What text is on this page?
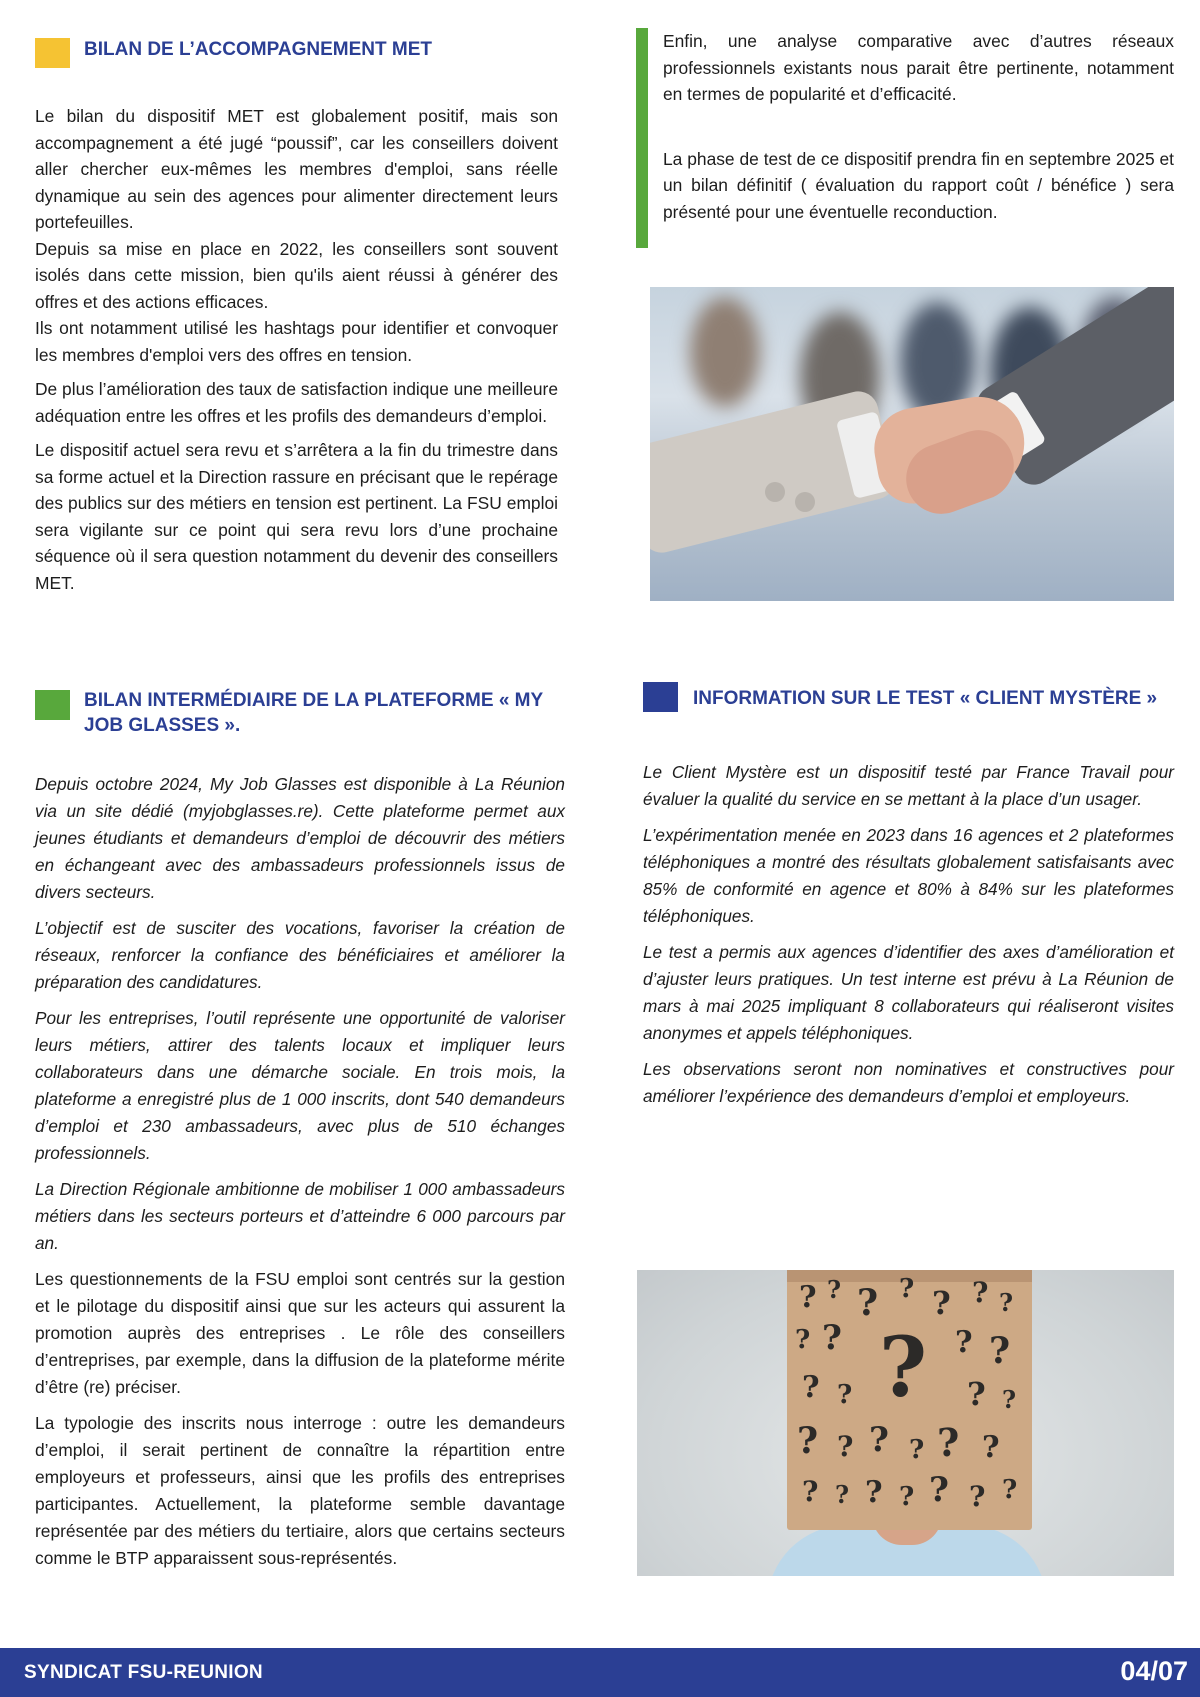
BILAN DE L’ACCOMPAGNEMENT MET

Le bilan du dispositif MET est globalement positif, mais son accompagnement a été jugé “poussif”, car les conseillers doivent aller chercher eux-mêmes les membres d'emploi, sans réelle dynamique au sein des agences pour alimenter directement leurs portefeuilles.

Depuis sa mise en place en 2022, les conseillers sont souvent isolés dans cette mission, bien qu'ils aient réussi à générer des offres et des actions efficaces.

Ils ont notamment utilisé les hashtags pour identifier et convoquer les membres d'emploi vers des offres en tension.

De plus l’amélioration des taux de satisfaction indique une meilleure adéquation entre les offres et les profils des demandeurs d’emploi.

Le dispositif actuel sera revu et s’arrêtera a la fin du trimestre dans sa forme actuel et la Direction rassure en précisant que le repérage des publics sur des métiers en tension est pertinent. La FSU emploi sera vigilante sur ce point qui sera revu lors d’une prochaine séquence où il sera question notamment du devenir des conseillers MET.

Enfin, une analyse comparative avec d’autres réseaux professionnels existants nous parait être pertinente, notamment en termes de popularité et d’efficacité.

La phase de test de ce dispositif prendra fin en septembre 2025 et un bilan définitif ( évaluation du rapport coût / bénéfice ) sera présenté pour une éventuelle reconduction.

BILAN INTERMÉDIAIRE DE LA PLATEFORME « MY JOB GLASSES ».

Depuis octobre 2024, My Job Glasses est disponible à La Réunion via un site dédié (myjobglasses.re). Cette plateforme permet aux jeunes étudiants et demandeurs d’emploi de découvrir des métiers en échangeant avec des ambassadeurs professionnels issus de divers secteurs.

L’objectif est de susciter des vocations, favoriser la création de réseaux, renforcer la confiance des bénéficiaires et améliorer la préparation des candidatures.

Pour les entreprises, l’outil représente une opportunité de valoriser leurs métiers, attirer des talents locaux et impliquer leurs collaborateurs dans une démarche sociale. En trois mois, la plateforme a enregistré plus de 1 000 inscrits, dont 540 demandeurs d’emploi et 230 ambassadeurs, avec plus de 510 échanges professionnels.

La Direction Régionale ambitionne de mobiliser 1 000 ambassadeurs métiers dans les secteurs porteurs et d’atteindre 6 000 parcours par an.

Les questionnements de la FSU emploi sont centrés sur la gestion et le pilotage du dispositif ainsi que sur les acteurs qui assurent la promotion auprès des entreprises . Le rôle des conseillers d’entreprises, par exemple, dans la diffusion de la plateforme mérite d’être (re) préciser.

La typologie des inscrits nous interroge : outre les demandeurs d’emploi, il serait pertinent de connaître la répartition entre employeurs et professeurs, ainsi que les profils des entreprises participantes. Actuellement, la plateforme semble davantage représentée par des métiers du tertiaire, alors que certains secteurs comme le BTP apparaissent sous-représentés.

INFORMATION SUR LE TEST « CLIENT MYSTÈRE »

Le Client Mystère est un dispositif testé par France Travail pour évaluer la qualité du service en se mettant à la place d’un usager.

L’expérimentation menée en 2023 dans 16 agences et 2 plateformes téléphoniques a montré des résultats globalement satisfaisants avec 85% de conformité en agence et 80% à 84% sur les plateformes téléphoniques.

Le test a permis aux agences d’identifier des axes d’amélioration et d’ajuster leurs pratiques. Un test interne est prévu à La Réunion de mars à mai 2025 impliquant 8 collaborateurs qui réaliseront visites anonymes et appels téléphoniques.

Les observations seront non nominatives et constructives pour améliorer l’expérience des demandeurs d’emploi et employeurs.

? ? ? ? ? ? ?
? ? ? ? ?
? ?	? ?
? ? ? ? ? ?
? ? ? ? ? ? ?
SYNDICAT FSU-REUNION	04/07
